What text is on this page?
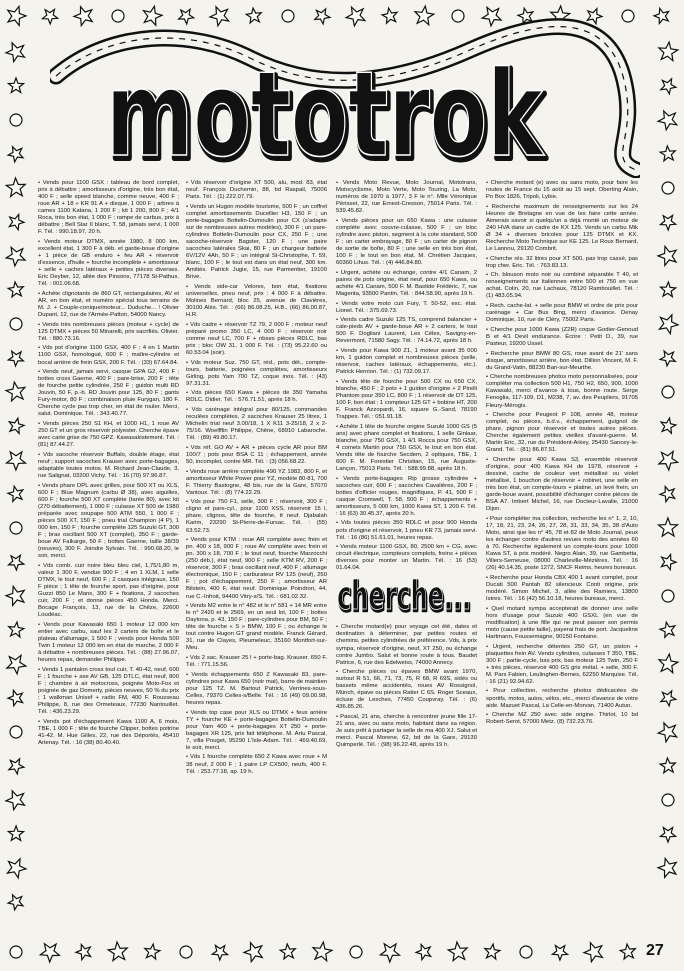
mototrok
mototrok

• Vends pour 1100 GSX : tableau de bord complet, prix à débattre ; amortisseurs d'origine, très bon état, 400 F ; selle speed blanche, comme neuve, 400 F ; roue AR + 18 » KR 91 A + disque, 1 000 F ; arbres à cames 1100 Katana, 1 200 F ; kit 1 200, 800 F ; 4/1 Roca, très bon état, 1 000 F ; rampe de carbus, prix à débattre ; Bell Star II blanc, T. 58, jamais servi, 1 000 F. Tél. : 990.18.97, 20 h.

• Vends moteur DTMX, année 1980, 8 000 km, excellent état, 1 300 F à déb. et garde-boue d'origine + 1 pièce de GB enduro + feu AR + réservoir d'essence, d'huile + fourche incomplète + amortisseur + selle + caches latéraux + petites pièces diverses. Eric Deyber, 12, allée des Pinsons, 77178 St-Pathus. Tél. : 001.06.68.

• Achète clignotants de 860 GT, rectangulaires, AV et AR, en bon état, et numéro spécial tous terrains de M. J. + Couple-conique/moteur... Duduche... ! Olivier Dupant, 12, rue de l'Armée-Patton, 54000 Nancy.

• Vends très nombreuses pièces (moteur + cycle) de 125 DTMX + pièces 50 Minarelli, prix sacrifiés. Olivier. Tél. : 880.73.16.

• Vds pot d'origine 1100 GSX, 400 F ; 4 en 1 Martin 1100 GSX, homologué, 600 F ; maître-cylindre et bocal arrière de frein GSX, 200 F. Tél. : (33) 67.64.84.

• Vends neuf, jamais servi, casque GPA G2, 400 F ; bottes cross Gaerne, 400 F ; pare-brise, 200 F ; tête de fourche petite cylindrée, 250 F ; guidon multi RD Jouvin, 50 F, p.-b. RD Jouvin pour 125, 80 F ; gants Fury-motor, 80 F ; combinaison pluie Furygan, 180 F. Cherche cycle pas trop cher, en état de rouler. Merci, salut. Dominique. Tél. : 343.40.77.

• Vends pièces 250 S1 KH, et 1000 H1, 1 roue AV 250 GT et un gros réservoir polyester. Cherche épave avec carte grise de 750 GPZ. Kawasakistement. Tél. : (81) 87.44.27.

• Vds sacoche réservoir Buffalo, double étage, état neuf ; support sacoches Krauser avec porte-bagages, adaptable toutes motos. M. Richard Jean-Claude, 3, rue Salignat, 03200 Vichy. Tél. : 16 (70) 97.96.87.

• Vends phare DPL avec grilles, pour 500 XT ou XLS, 600 F ; Blue Magnum (carbu Ø 38), avec aiguilles, 600 F ; fourche 500 XT complète (tarée 80), avec kit (270 débattement), 1 000 F ; culasse XT 500 de 1980 préparée avec soupape 500 ATM 550, 1 000 F ; pièces 500 XT, 150 F ; pneu trial Champion (4 P), 1 000 km, 150 F ; fourche complète 125 Suzuki GT, 300 F ; bras oscillant 500 XT (complet), 350 F ; garde-boue AV Falkarge, 50 F ; bottes Gaerne, taille 38/39 (neuves), 300 F. Joindre Sylvain. Tél. : 990.68.20, le soir, merci.

• Vds comb. cuir noire bleu bleu ciel, 1,75/1,80 m, valeur 1 300 F, vendue 900 F ; 4 en 1 XLM, 1 selle DTMX, le tout neuf, 600 F ; 2 casques intégraux, 150 F pièce ; 1 tête de fourche sport, pas d'origine, pour Guzzi 850 Le Mans, 300 F + fixations, 2 sacoches cuir, 200 F ; et donne pièces 450 Honda. Merci. Bocage François, 13, rue de la Chêze, 22600 Loudéac.

• Vends pour Kawasaki 650 1 moteur 12 000 km entier avec carbu, sauf les 2 carters de boîte et le plateau d'allumage, 1 500 F ; vends pour Honda 500 Twin 1 moteur 12 000 km en état de marche, 2 000 F à débattre + nombreuses pièces. Tél. : (88) 27.96.07, heures repas, demander Philippe.

• Vends 1 pantalon cross tout cuir, T. 40-42, neuf, 600 F ; 1 fourche + axe AV GB, 125 DTLC, état neuf, 800 F ; chambre à air motocross, poignée Moto-Fox et poignée de gaz Domerty, pièces neuves, 50 % du prix ; 1 walkman Unisef + radio FM, 400 F. Rousseau Philippe, 8, rue des Ormeteaux, 77230 Nantouillet. Tél. : 436.23.29.

• Vends pot d'échappement Kawa 1100 A, 6 mois, TBE, 1 000 F ; tête de fourche Clipper, bottes poitrine 41-42. M. Hue Gilles, 22, rue des Déportés, 45410 Artenay. Tél. : 16 (38) 80.40.40.

• Vds réservoir d'origine XT 500, alu, mod. 83, état neuf. François Duchemin, 88, bd Raspail, 75006 Paris. Tél. : (1) 222.07.79.

• Vends un Hugon modèle tourisme, 500 F ; un coffret complet amortissements Ducellier H3, 150 F ; un porte-bagages Bottelin-Dumoulin pour CX (s'adapte sur de nombreuses autres modèles), 300 F ; un pare-cylindres Bottelin-Dumoulin pour CX, 250 F ; une sacoche-réservoir Bagster, 120 F ; une paire sacoches latérales Skai, 80 F ; un chargeur batterie 6V/12V 4Ah, 50 F ; un intégral St-Christophe, T. 59, blanc, 100 F ; le tout est dans un état neuf, 300 km. Amitiés. Patrick Jugie, 15, rue Parmentier, 19100 Brive.

• Vends side-car Velorex, bon état, fixations universelles, pneu neuf, prix : 4 000 F à débattre. Molines Bernard, bloc 25, avenue de Clavières, 30100 Alès. Tél. : (66) 86.08.25, H.B., (66) 86.00.87, H.R.

• Vds cadre + réservoir TZ 79, 2 000 F ; moteur neuf préparé promo 350 LC, 4 000 F ; réservoir noir comme neuf LC, 700 F + nbses pièces RDLC, bas prix ; bloc OW 31, 1 000 F. Tél. : (73) 95.22.60 ou 60.53.04 (soir).

• Vds moteur Suz. 750 GT, réd., pots dét., compte-tours, batterie, poignées complètes, amortisseurs Girling, pots Yam 700 TZ, coque inox. Tél. : (43) 97.31.31.

• Vds pièces 650 Kawa + pièces de 350 Yamaha RDLC. Didier. Tél. : 576.71.51, après 18 h.

• Vds carénage intégral pour 80/125, commandes reculées complètes, 2 sacoches Krauser 25 litres, 1 Michelin trial neuf 3.00/18, 1 X K11 3-25/18, 2 x 2-75/16. Woelfflin Philippe, Chêne, 68910 Labaroche. Tél. : (89) 49.80.17.

• Vds réf. GO AV + AR + pièces cycle AR pour BM 100/7 ; pots pour BSA C 11 ; échappement, année 50, incomplet, contre MR. Tél. : (3) 056.68.22.

• Vends roue arrière complète 490 YZ 1982, 800 F, et amortisseur White Power pour YZ, modèle 80-81, 700 F. Thierry Bastogne, 48 bis, rue de la Gare, 57070 Vantoux. Tél. : (8) 774.22.29.

• Vds pour 750 F1, selle, 300 F ; réservoir, 300 F ; cligno et pare-cyl., pour 1100 XSS, réservoir 15 l, phare, clignos, tête de fourche, tt neuf. Djabalah Karim, 23290 St-Pierre-de-Fursac. Tél. : (55) 63.52.73.

• Vends pour KTM : roue AR complète avec frein et pn. 400 x 18, 900 F ; roue AV complète avec frein et pn. 300 x 18, 700 F ; le tout neuf, fourche Marzocchi (250 déb.), état neuf, 900 F ; selle KTM RV, 200 F ; réservoir, 300 F ; bras oscillant neuf, 400 F ; allumage électronique, 150 F ; carburateur RV 125 (neuf), 250 F ; pot d'échappement, 250 F ; amortisseur AR Bilstein, 400 F, état neuf. Dominique Poindron, 44, rue C.-Infroit, 94400 Vitry-s/S. Tél. : 681.02.32.

• Vends M2 entre le n° 482 et le n° 581 + 14 MR entre le n° 2420 et le 2569, en un seul lot, 100 F ; bottes Daytona, p. 43, 150 F ; pare-cylindres pour BM, 50 F ; tête de fourche « S » BMW, 100 F ; ou échange le tout contre Hugon GT grand modèle. Franck Gérard, 31, rue de Clayes, Pleumeleuc, 35160 Montfort-sur-Meu.

• Vds 2 sac. Krauser 25 l + porte-bag. Krauser. 650 F. Tél. : 771.15.56.

• Vends échappements 650 Z Kawasaki 83, pare-cylindres pour Kawa 650 (noir mat), barre de maintien pour 125 TZ. M. Bartout Patrick, Verrines-sous-Celles, 79370 Celles-s/Belle. Tél. : 16 (49) 09.00.98, heures repas.

• Vends top case pour XLS ou DTMX + feux arrière TY + fourche KE + porte-bagages Bottelin-Dumoulin pour Yam 400 + porte-bagages XT 250 + porte-bagages XR 125, prix fait téléphone. M. Artu Pascal, 7, villa Pouget, 95290 L'Isle-Adam. Tél. : 469.40.69, le soir, merci.

• Vds 1 fourche complète 650 Z Kawa avec roue + M 38 neuf, 2 000 F ; 1 paire LP CX500, neufs, 400 F. Tél. : 253.77.18, ap. 19 h.

• Vends Moto Revue, Moto Journal, Mototrans, Motocyclisme, Moto Verte, Moto Touring, La Moto, numéros de 1970 à 1977, 3 F le n°. Mlle Véronique Périsset, 22, rue Ernest-Cresson, 75014 Paris. Tél. : 539.45.82.

• Vends pièces pour un 650 Kawa : une culasse complète avec couvre-culasse, 500 F ; un bloc cylindre avec piston, segment à la cote standard, 500 F ; un carter embrayage, 80 F ; un carter de pignon de sortie de boîte, 80 F ; une selle en très bon état, 100 F ; le tout en bon état. M. Chrétien Jacques, 60360 Lihus. Tél. : (4) 446.84.80.

• Urgent, achète ou échange, contre 4/1 Canam, 2 paires de pots origine, état neuf, pour 650 Kawa, ou achète 4/1 Canam, 500 F. M. Bastide Frédéric, 7, rue Magenta, 93500 Pantin. Tél. : 844.58.90, après 19 h.

• Vends votre moto cuir Fury, T. 50-52, exc. état. Lionel. Tél. : 375.69.73.

• Vends cadre Suzuki 125 TS, comprend balancier + cale-pieds AV + garde-boue AR + 2 carters, le tout 500 F. Dogliani Laurent, Les Céles, Savigny-en-Revermont, 71580 Sagy. Tél. : 74.14.72, après 18 h.

• Vends pour Kawa 900 Z1, 1 moteur avant 35 000 km, 1 guidon complet et nombreuses pièces (selle, réservoir, caches latéraux, échappements, etc.). Patrick Henrion. Tél. : (1) 732.09.17.

• Vends tête de fourche pour 500 CX ou 650 CX, blanche, 450 F ; 2 pots + 1 guidon d'origine + 2 Pirelli Phantom pour 350 LC, 800 F ; 1 réservoir de DT 125, 100 F, bon état ; 1 compteur 125 GT + bobine HT, 200 F. Franck Azzopardi, 16, square G.-Sand, 78190 Trappes. Tél. : 051.91.18.

• Achète 1 tête de fourche origine Suzuki 1000 GS (5 ans) avec phare complet et fixations, 1 selle Ginlaar, blanche, pour 750 GSX, 1 4/1 Rocca pour 750 GSX, 4 comets Martin pour 750 GSX, le tout en bon état. Vends tête de fourche Secdem, 2 optiques, TBE, 1 600 F. M. Forestier Christian, 15, rue Auguste-Lançon, 75013 Paris. Tél. : 588.99.88, après 18 h.

• Vends porte-bagages Rip grosse cylindrée + sacoches cuir, 600 F ; sacoches Cavalières, 200 F ; bottes d'officier rouges, magnifiques, P. 41, 500 F ; casque Cromwell, T. 58, 500 F ; échappements + amortisseurs, 5 000 km, 1000 Kawa ST, 1 200 F. Tél. : 16 (63) 30.45.37, après 20 h.

• Vds toutes pièces 350 RDLC et pour 900 Honda pots d'origine et réservoir, 1 pneu KR 73, jamais servi. Tél. : 16 (86) 51.61.01, heures repas.

• Vends moteur 1100 GSX, 80, 2500 km + CG, avec circuit électrique, compteurs complets, freins + pièces diverses pour monter un Martin. Tél. : 16 (53) 01.64.04.

cherche...
cherche...

• Cherche motard(e) pour voyage cet été, dates et destination à déterminer, par petites routes et chemins, petites cylindrées de préférence. Vds, à prix sympa, réservoir d'origine, neuf, XT 250, ou échange contre Jumbo. Salut et bonne route à tous. Baudet Patrice, 6, rue des Edelweiss, 74000 Annecy.

• Cherche pièces ou épaves BMW avant 1970, surtout R 51, 66, 71, 73, 75, R 68, R 69S, sidés ou bassets même accidentés, roues AV Rossignol, Münch, épave ou pièces Ratier C 6S. Roger Sceaux, écluse de Lesches, 77450 Coupvray. Tél. : (6) 436.85.26.

• Pascal, 21 ans, cherche à rencontrer jeune fille 17-21 ans, avec ou sans moto, habitant dans sa région. Je suis prêt à partager la selle de ma 400 XJ. Salut et merci. Pascal Morene, 62, bd de la Gare, 29130 Quimperlé. Tél. : (98) 96.22.48, après 19 h.

• Cherche motard (e) avec ou sans moto, pour faire les routes de France du 15 août au 15 sept. Oberting Alain, Po Box 1826, Tripoli, Lybie.

• Recherche maximum de renseignements sur les 24 Heures de Bretagne en vue de les faire cette année. Aimerais savoir si quelqu'un a déjà monté un moteur de 240 HVA dans un cadre de KX 125. Vends un carbu Mik Ø 34 + diverses bricoles pour 125 DTMX et KX. Recherche Moto Technique sur KE 125. Le Roux Bernard, Le Lannou, 29120 Combrit.

• Cherche rés. 32 litres pour XT 500, pas trop cassé, pas trop cher. Eric. Tél. : 763.83.13.

• Ch. blouson moto noir ou combiné séparable T 40, et renseignements sur italiennes entre 500 et 750 en vue achat. Colin, 20, rue Lachaux, 78120 Rambouillet. Tél. : (1) 483.05.94.

• Rech. cache-lat. + selle pour BMW et ordre de prix pour carénage + Car Bus Bing, merci d'avance. Denay Dominique, 10, rue de Cléry, 75002 Paris.

• Cherche pour 1000 Kawa (Z2R) coque Godier-Genoud B et 4/1 Devil endurance. Écrire : Petit D., 39, rue Pasteur, 19200 Ussel.

• Recherche pour BMW 80 GS, roue avant de 21' sans disque, amortisseur arrière, bon état. Dillion Vincent, M. F. du Grand-Vatin, 88230 Ban-sur-Meurthe.

• Cherche nombreuses photos moto personnalisées, pour compléter ma collection 500 H1, 750 H2, 650, 900, 1000 Kawasaki, merci d'avance à tous, bonne route. Serge Fenoglia, 117-109, D1, M238, 7, av. des Peupliers, 91705 Fleury-Mérogis.

• Cherche pour Peugeot P 108, année 48, moteur complet, ou pièces, b.d.v., échappement, guignol de phare, pignon pour réservoir et toutes autres pièces. Cherche également petites vieilles d'avant-guerre. M. Martin Eric, 32, rue du Président-Arkey, 25430 Sancey-le-Grand. Tél. : (81) 86.87.51.

• Cherche pour 400 Kawa S3, ensemble réservoir d'origine, pour 400 Kawa KH de 1978, réservoir + dessiné, cache de couleur vert métallisé ou violet métallisé, 1 bouchon de réservoir + robinet, une selle en très bon état, un compte-tours + platine, un levé frein, un garde-boue avant, possibilité d'échanger contre pièces de BSA A7. Imbert Michel, 16, rue Docteur-Lavalle, 21000 Dijon.

• Pour compléter ma collection, recherche les n° 1, 2, 10, 17, 18, 21, 23, 24, 26, 27, 28, 31, 33, 34, 35, 38 d'Auto Moto, ainsi que les n° 45, 78 et 82 de Moto Journal, peux les échanger contre d'autres revues moto des années 60 à 70. Recherche également un compte-tours pour 1000 Kawa ST, à prix modéré. Negro Alain, 39, rue Gambetta, Villers-Semeuse, 08000 Charleville-Mézières. Tél. : 16 (26) 40.14.35, poste 1272, SNCF Reims, heures bureaux.

• Recherche pour Honda CBX 400 1 avant complet, pour Ducati 500 Pantah 82 silencieux Conti origine, prix modéré. Simon Michel, 3, allée des Ramiers, 13800 Istres. Tél. : 16 (42) 56.10.18, heures bureaux, merci.

• Quel motard sympa accepterait de donner une selle hors d'usage pour Suzuki 400 GSXL (en vue de modification) à une fille qui ne peut passer son permis moto (cause petite taille), payerai frais de port. Jacqueline Hartmann, Foussemagne, 90150 Fontaine.

• Urgent, recherche détentes 250 GT, un piston + plaquettes frein AV. Vends cylindres, culasses T 350, TBE, 300 F ; partie-cycle, bas prix, bas moteur 125 Twin, 250 F + très pièces, réservoir 400 GS gris métal. + selle, 300 F. M. Pars Fabien, Leulinghen-Bernes, 62250 Marquise. Tél. : 16 (21) 92.94.62.

• Pour collection, recherche photos dédicacées de sportifs, motos, autos, vélos, etc., merci d'avance de votre aide. Mazuet Pascal, La Celle-en-Morvan, 71400 Autun.

• Cherche MZ 250 avec side origine. Thirlot, 10 bd Robert-Serot, 57000 Metz. (8) 732.23.76.

27
